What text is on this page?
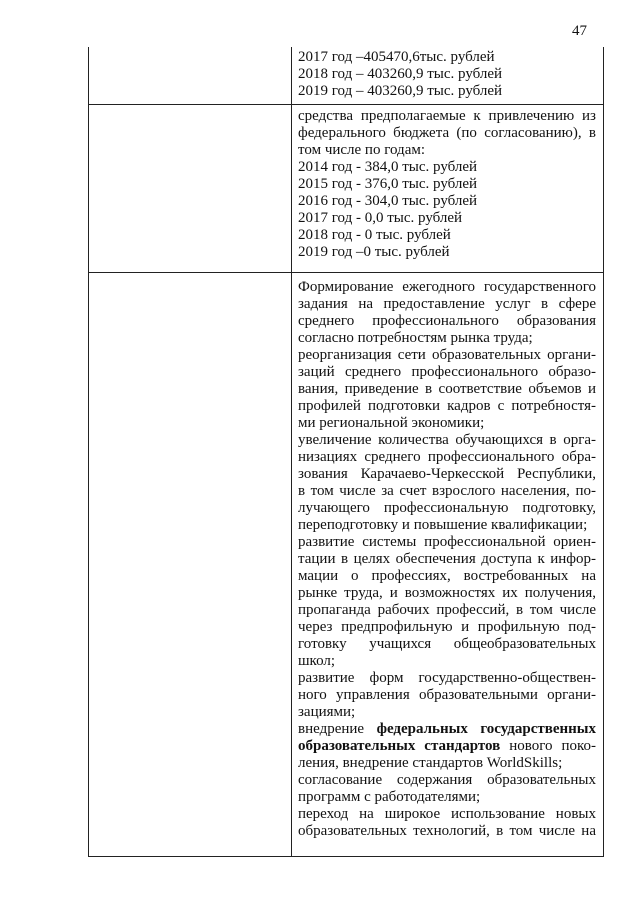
47

2017 год –405470,6тыс. рублей

2018 год – 403260,9 тыс. рублей

2019 год – 403260,9 тыс. рублей

средства предполагаемые к привлечению из

федерального бюджета (по согласованию), в

том числе по годам:

2014 год - 384,0 тыс. рублей

2015 год - 376,0 тыс. рублей

2016 год - 304,0 тыс. рублей

2017 год - 0,0 тыс. рублей

2018 год - 0 тыс. рублей

2019 год –0 тыс. рублей

Формирование ежегодного государственного

задания на предоставление услуг в сфере

среднего профессионального образования

согласно потребностям рынка труда;

реорганизация сети образовательных органи-

заций среднего профессионального образо-

вания, приведение в соответствие объемов и

профилей подготовки кадров с потребностя-

ми региональной экономики;

увеличение количества обучающихся в орга-

низациях среднего профессионального обра-

зования Карачаево-Черкесской Республики,

в том числе за счет взрослого населения, по-

лучающего профессиональную подготовку,

переподготовку и повышение квалификации;

развитие системы профессиональной ориен-

тации в целях обеспечения доступа к инфор-

мации о профессиях, востребованных на

рынке труда, и возможностях их получения,

пропаганда рабочих профессий, в том числе

через предпрофильную и профильную под-

готовку учащихся общеобразовательных

школ;

развитие форм государственно-обществен-

ного управления образовательными органи-

зациями;

внедрение федеральных государственных

образовательных стандартов нового поко-

ления, внедрение стандартов WorldSkills;

согласование содержания образовательных

программ с работодателями;

переход на широкое использование новых

образовательных технологий, в том числе на
